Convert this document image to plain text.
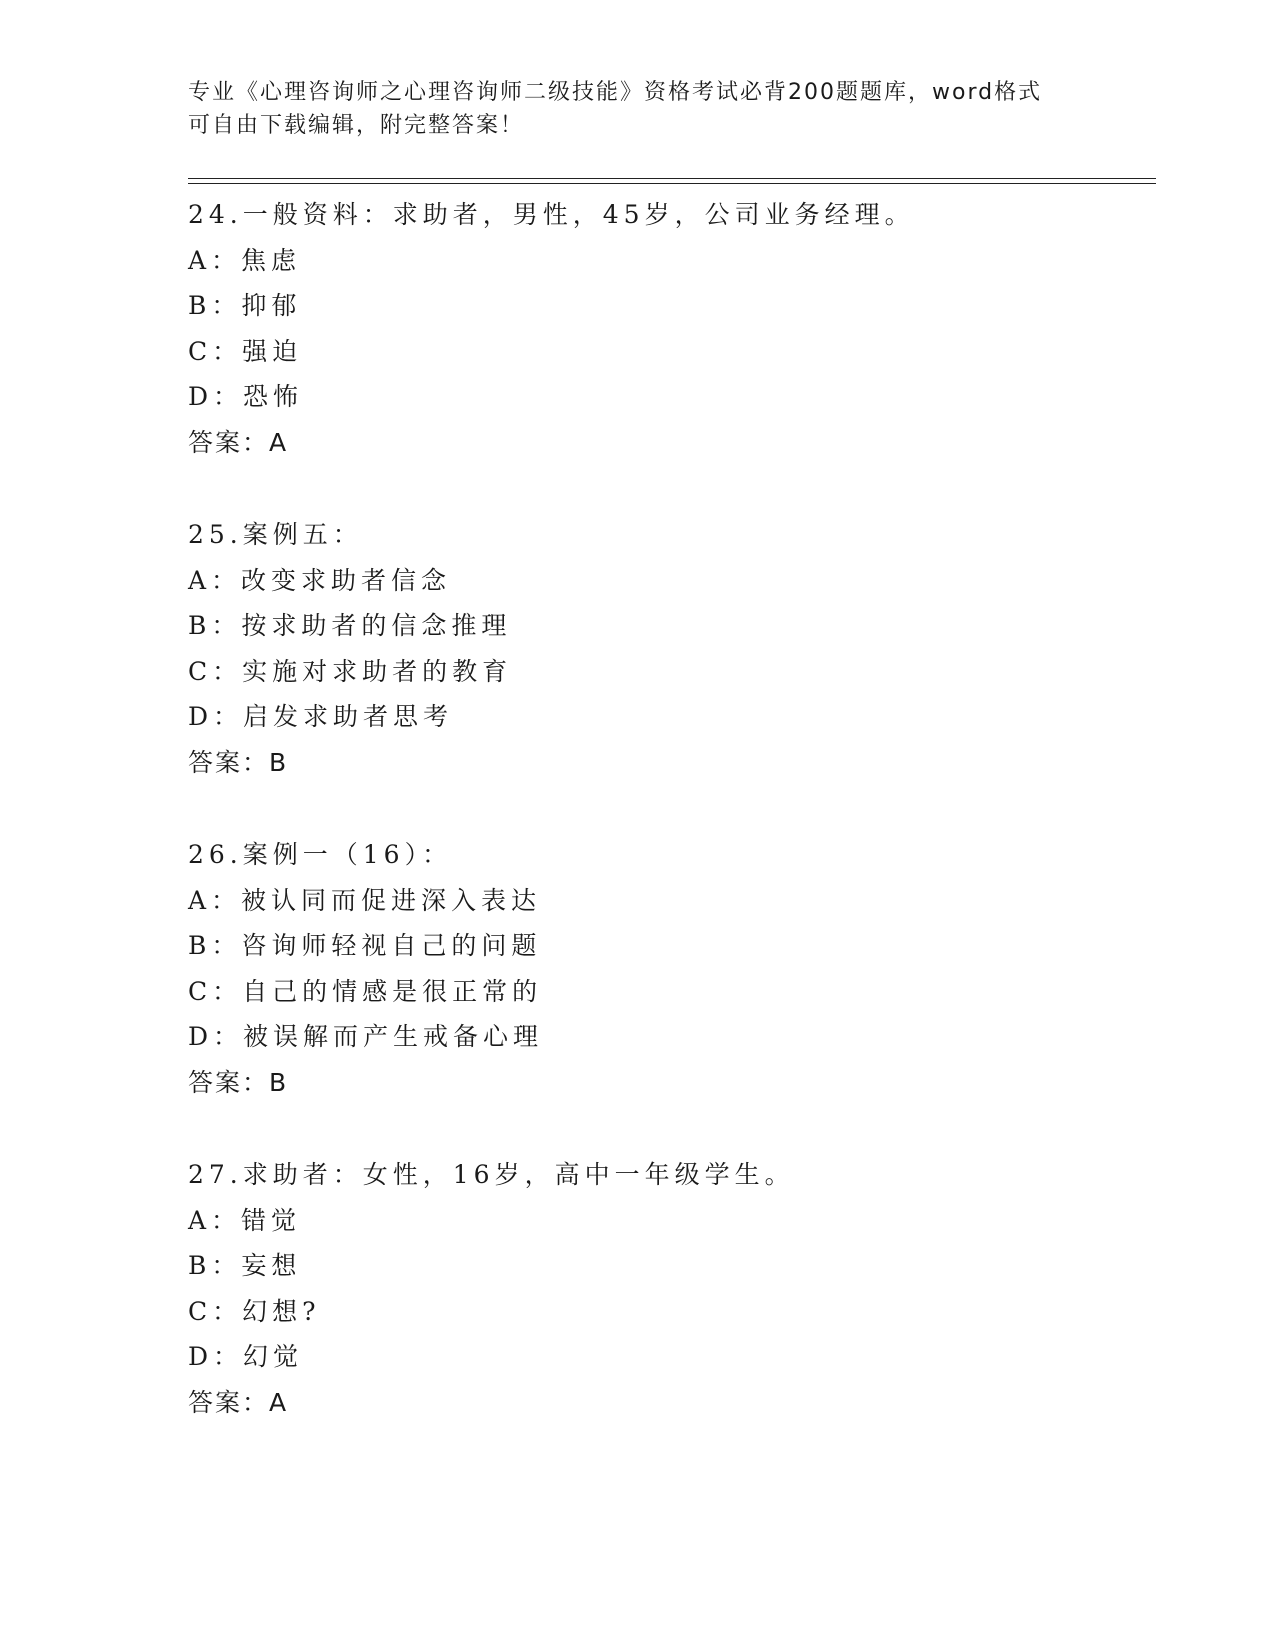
专业《心理咨询师之心理咨询师二级技能》资格考试必背200题题库，word格式
可自由下载编辑，附完整答案！
24.一般资料：求助者，男性，45岁，公司业务经理。
A：焦虑
B：抑郁
C：强迫
D：恐怖
答案：A
25.案例五：
A：改变求助者信念
B：按求助者的信念推理
C：实施对求助者的教育
D：启发求助者思考
答案：B
26.案例一（16）：
A：被认同而促进深入表达
B：咨询师轻视自己的问题
C：自己的情感是很正常的
D：被误解而产生戒备心理
答案：B
27.求助者：女性，16岁，高中一年级学生。
A：错觉
B：妄想
C：幻想?
D：幻觉
答案：A
